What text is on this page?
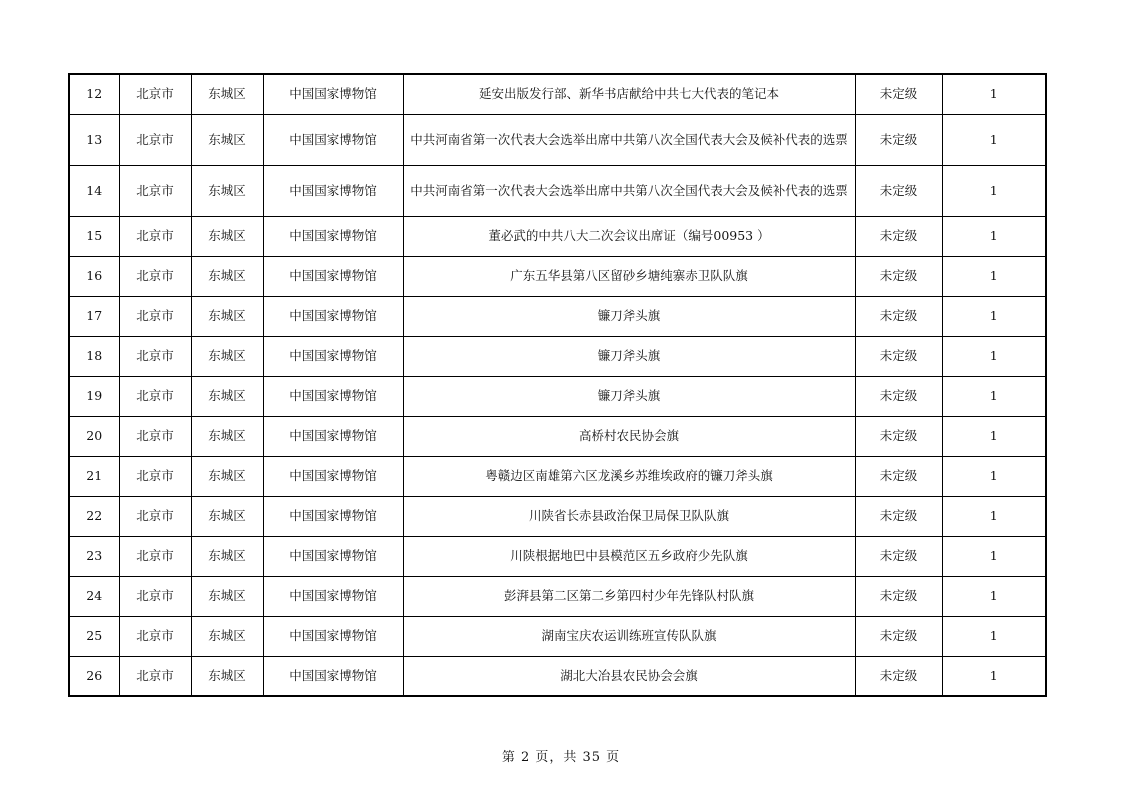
12	北京市	东城区	中国国家博物馆	延安出版发行部、新华书店献给中共七大代表的笔记本	未定级	1
13	北京市	东城区	中国国家博物馆	中共河南省第一次代表大会选举出席中共第八次全国代表大会及候补代表的选票	未定级	1
14	北京市	东城区	中国国家博物馆	中共河南省第一次代表大会选举出席中共第八次全国代表大会及候补代表的选票	未定级	1
15	北京市	东城区	中国国家博物馆	董必武的中共八大二次会议出席证（编号00953 ）	未定级	1
16	北京市	东城区	中国国家博物馆	广东五华县第八区留砂乡塘纯寨赤卫队队旗	未定级	1
17	北京市	东城区	中国国家博物馆	镰刀斧头旗	未定级	1
18	北京市	东城区	中国国家博物馆	镰刀斧头旗	未定级	1
19	北京市	东城区	中国国家博物馆	镰刀斧头旗	未定级	1
20	北京市	东城区	中国国家博物馆	高桥村农民协会旗	未定级	1
21	北京市	东城区	中国国家博物馆	粤赣边区南雄第六区龙溪乡苏维埃政府的镰刀斧头旗	未定级	1
22	北京市	东城区	中国国家博物馆	川陕省长赤县政治保卫局保卫队队旗	未定级	1
23	北京市	东城区	中国国家博物馆	川陕根据地巴中县模范区五乡政府少先队旗	未定级	1
24	北京市	东城区	中国国家博物馆	彭湃县第二区第二乡第四村少年先锋队村队旗	未定级	1
25	北京市	东城区	中国国家博物馆	湖南宝庆农运训练班宣传队队旗	未定级	1
26	北京市	东城区	中国国家博物馆	湖北大冶县农民协会会旗	未定级	1
第 2 页，共 35 页
